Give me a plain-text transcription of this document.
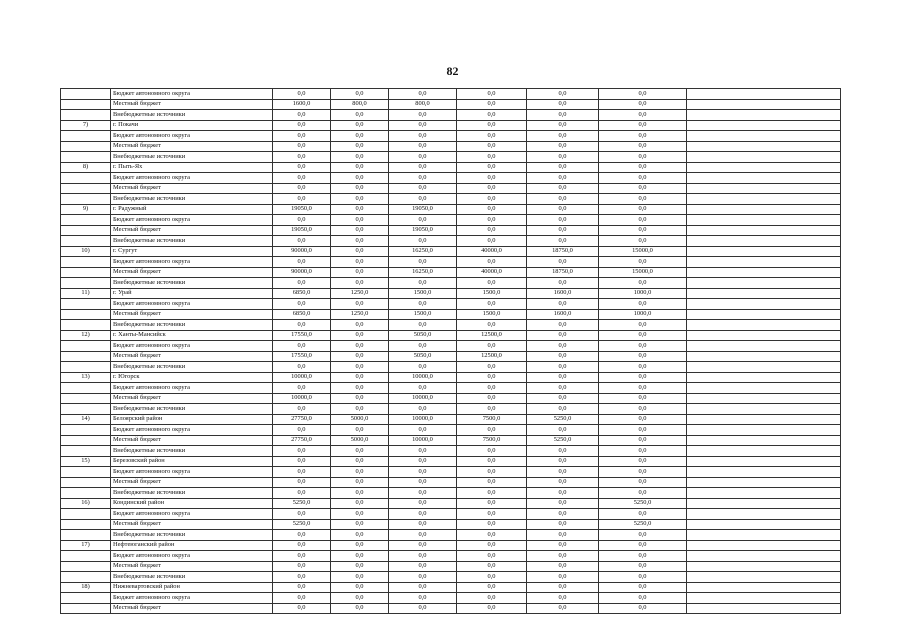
82
	Бюджет автономного округа	0,0	0,0	0,0	0,0	0,0	0,0		
	Местный бюджет	1600,0	800,0	800,0	0,0	0,0	0,0		
	Внебюджетные источники	0,0	0,0	0,0	0,0	0,0	0,0		
7)	г. Покачи	0,0	0,0	0,0	0,0	0,0	0,0		
	Бюджет автономного округа	0,0	0,0	0,0	0,0	0,0	0,0		
	Местный бюджет	0,0	0,0	0,0	0,0	0,0	0,0		
	Внебюджетные источники	0,0	0,0	0,0	0,0	0,0	0,0		
8)	г. Пыть-Ях	0,0	0,0	0,0	0,0	0,0	0,0		
	Бюджет автономного округа	0,0	0,0	0,0	0,0	0,0	0,0		
	Местный бюджет	0,0	0,0	0,0	0,0	0,0	0,0		
	Внебюджетные источники	0,0	0,0	0,0	0,0	0,0	0,0		
9)	г. Радужный	19050,0	0,0	19050,0	0,0	0,0	0,0		
	Бюджет автономного округа	0,0	0,0	0,0	0,0	0,0	0,0		
	Местный бюджет	19050,0	0,0	19050,0	0,0	0,0	0,0		
	Внебюджетные источники	0,0	0,0	0,0	0,0	0,0	0,0		
10)	г. Сургут	90000,0	0,0	16250,0	40000,0	18750,0	15000,0		
	Бюджет автономного округа	0,0	0,0	0,0	0,0	0,0	0,0		
	Местный бюджет	90000,0	0,0	16250,0	40000,0	18750,0	15000,0		
	Внебюджетные источники	0,0	0,0	0,0	0,0	0,0	0,0		
11)	г. Урай	6850,0	1250,0	1500,0	1500,0	1600,0	1000,0		
	Бюджет автономного округа	0,0	0,0	0,0	0,0	0,0	0,0		
	Местный бюджет	6850,0	1250,0	1500,0	1500,0	1600,0	1000,0		
	Внебюджетные источники	0,0	0,0	0,0	0,0	0,0	0,0		
12)	г. Ханты-Мансийск	17550,0	0,0	5050,0	12500,0	0,0	0,0		
	Бюджет автономного округа	0,0	0,0	0,0	0,0	0,0	0,0		
	Местный бюджет	17550,0	0,0	5050,0	12500,0	0,0	0,0		
	Внебюджетные источники	0,0	0,0	0,0	0,0	0,0	0,0		
13)	г. Югорск	10000,0	0,0	10000,0	0,0	0,0	0,0		
	Бюджет автономного округа	0,0	0,0	0,0	0,0	0,0	0,0		
	Местный бюджет	10000,0	0,0	10000,0	0,0	0,0	0,0		
	Внебюджетные источники	0,0	0,0	0,0	0,0	0,0	0,0		
14)	Белоярский район	27750,0	5000,0	10000,0	7500,0	5250,0	0,0		
	Бюджет автономного округа	0,0	0,0	0,0	0,0	0,0	0,0		
	Местный бюджет	27750,0	5000,0	10000,0	7500,0	5250,0	0,0		
	Внебюджетные источники	0,0	0,0	0,0	0,0	0,0	0,0		
15)	Березовский район	0,0	0,0	0,0	0,0	0,0	0,0		
	Бюджет автономного округа	0,0	0,0	0,0	0,0	0,0	0,0		
	Местный бюджет	0,0	0,0	0,0	0,0	0,0	0,0		
	Внебюджетные источники	0,0	0,0	0,0	0,0	0,0	0,0		
16)	Кондинский район	5250,0	0,0	0,0	0,0	0,0	5250,0		
	Бюджет автономного округа	0,0	0,0	0,0	0,0	0,0	0,0		
	Местный бюджет	5250,0	0,0	0,0	0,0	0,0	5250,0		
	Внебюджетные источники	0,0	0,0	0,0	0,0	0,0	0,0		
17)	Нефтеюганский район	0,0	0,0	0,0	0,0	0,0	0,0		
	Бюджет автономного округа	0,0	0,0	0,0	0,0	0,0	0,0		
	Местный бюджет	0,0	0,0	0,0	0,0	0,0	0,0		
	Внебюджетные источники	0,0	0,0	0,0	0,0	0,0	0,0		
18)	Нижневартовский район	0,0	0,0	0,0	0,0	0,0	0,0		
	Бюджет автономного округа	0,0	0,0	0,0	0,0	0,0	0,0		
	Местный бюджет	0,0	0,0	0,0	0,0	0,0	0,0		
